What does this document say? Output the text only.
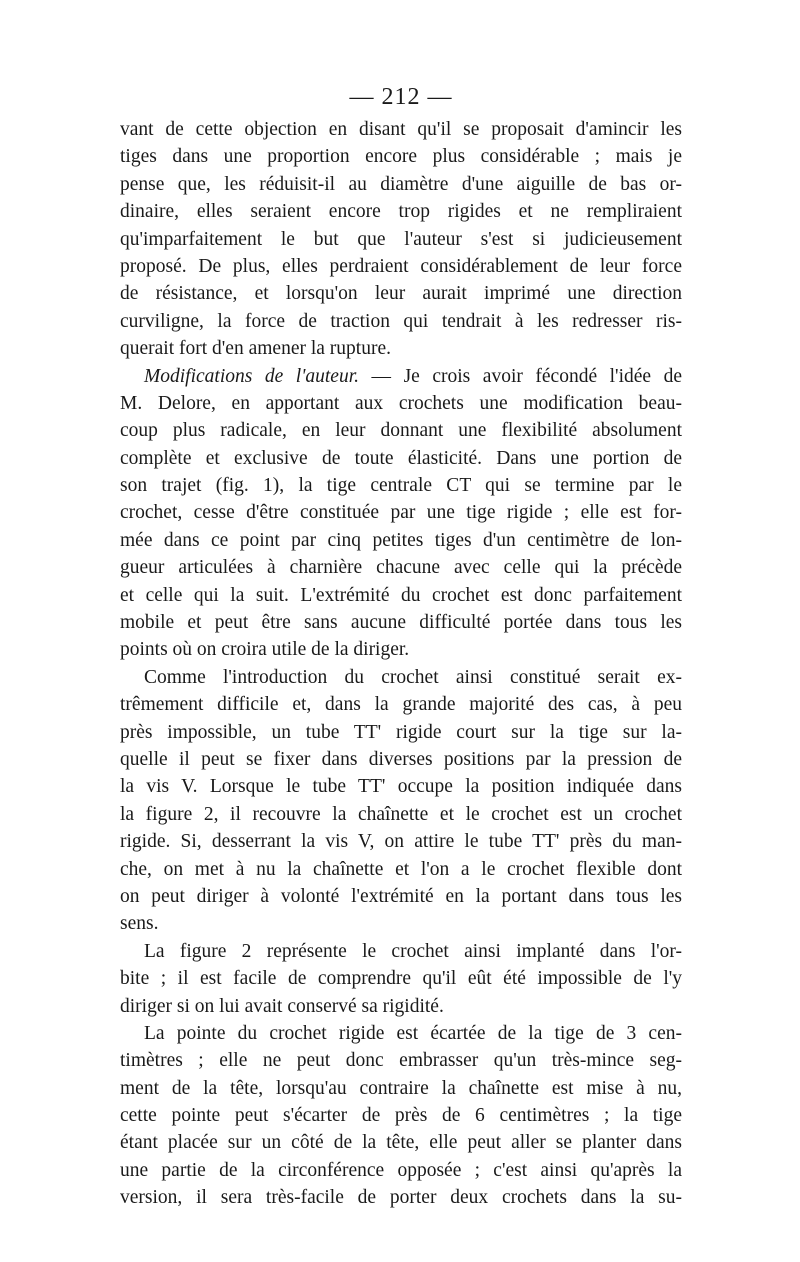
— 212 —
vant de cette objection en disant qu'il se proposait d'amincir les
tiges dans une proportion encore plus considérable ; mais je
pense que, les réduisit-il au diamètre d'une aiguille de bas or-
dinaire, elles seraient encore trop rigides et ne rempliraient
qu'imparfaitement le but que l'auteur s'est si judicieusement
proposé. De plus, elles perdraient considérablement de leur force
de résistance, et lorsqu'on leur aurait imprimé une direction
curviligne, la force de traction qui tendrait à les redresser ris-
querait fort d'en amener la rupture.
Modifications de l'auteur. — Je crois avoir fécondé l'idée de
M. Delore, en apportant aux crochets une modification beau-
coup plus radicale, en leur donnant une flexibilité absolument
complète et exclusive de toute élasticité. Dans une portion de
son trajet (fig. 1), la tige centrale CT qui se termine par le
crochet, cesse d'être constituée par une tige rigide ; elle est for-
mée dans ce point par cinq petites tiges d'un centimètre de lon-
gueur articulées à charnière chacune avec celle qui la précède
et celle qui la suit. L'extrémité du crochet est donc parfaitement
mobile et peut être sans aucune difficulté portée dans tous les
points où on croira utile de la diriger.
Comme l'introduction du crochet ainsi constitué serait ex-
trêmement difficile et, dans la grande majorité des cas, à peu
près impossible, un tube TT' rigide court sur la tige sur la-
quelle il peut se fixer dans diverses positions par la pression de
la vis V. Lorsque le tube TT' occupe la position indiquée dans
la figure 2, il recouvre la chaînette et le crochet est un crochet
rigide. Si, desserrant la vis V, on attire le tube TT' près du man-
che, on met à nu la chaînette et l'on a le crochet flexible dont
on peut diriger à volonté l'extrémité en la portant dans tous les
sens.
La figure 2 représente le crochet ainsi implanté dans l'or-
bite ; il est facile de comprendre qu'il eût été impossible de l'y
diriger si on lui avait conservé sa rigidité.
La pointe du crochet rigide est écartée de la tige de 3 cen-
timètres ; elle ne peut donc embrasser qu'un très-mince seg-
ment de la tête, lorsqu'au contraire la chaînette est mise à nu,
cette pointe peut s'écarter de près de 6 centimètres ; la tige
étant placée sur un côté de la tête, elle peut aller se planter dans
une partie de la circonférence opposée ; c'est ainsi qu'après la
version, il sera très-facile de porter deux crochets dans la su-
